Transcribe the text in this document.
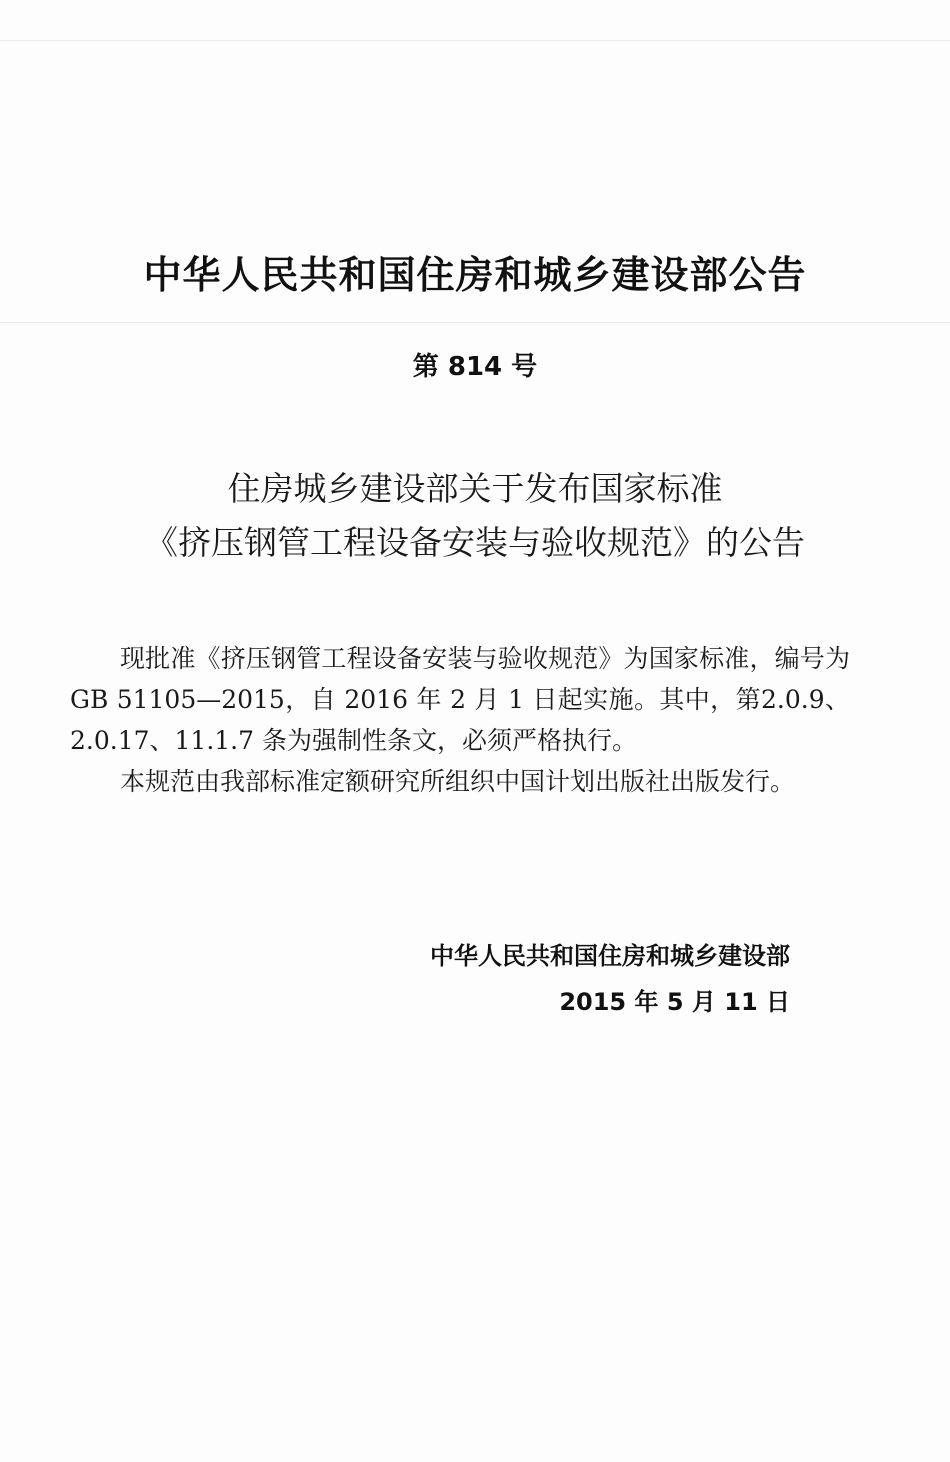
中华人民共和国住房和城乡建设部公告
第 814 号
住房城乡建设部关于发布国家标准
《挤压钢管工程设备安装与验收规范》的公告

现批准《挤压钢管工程设备安装与验收规范》为国家标准，编号为GB 51105—2015，自 2016 年 2 月 1 日起实施。其中，第2.0.9、2.0.17、11.1.7 条为强制性条文，必须严格执行。

本规范由我部标准定额研究所组织中国计划出版社出版发行。

中华人民共和国住房和城乡建设部
2015 年 5 月 11 日
